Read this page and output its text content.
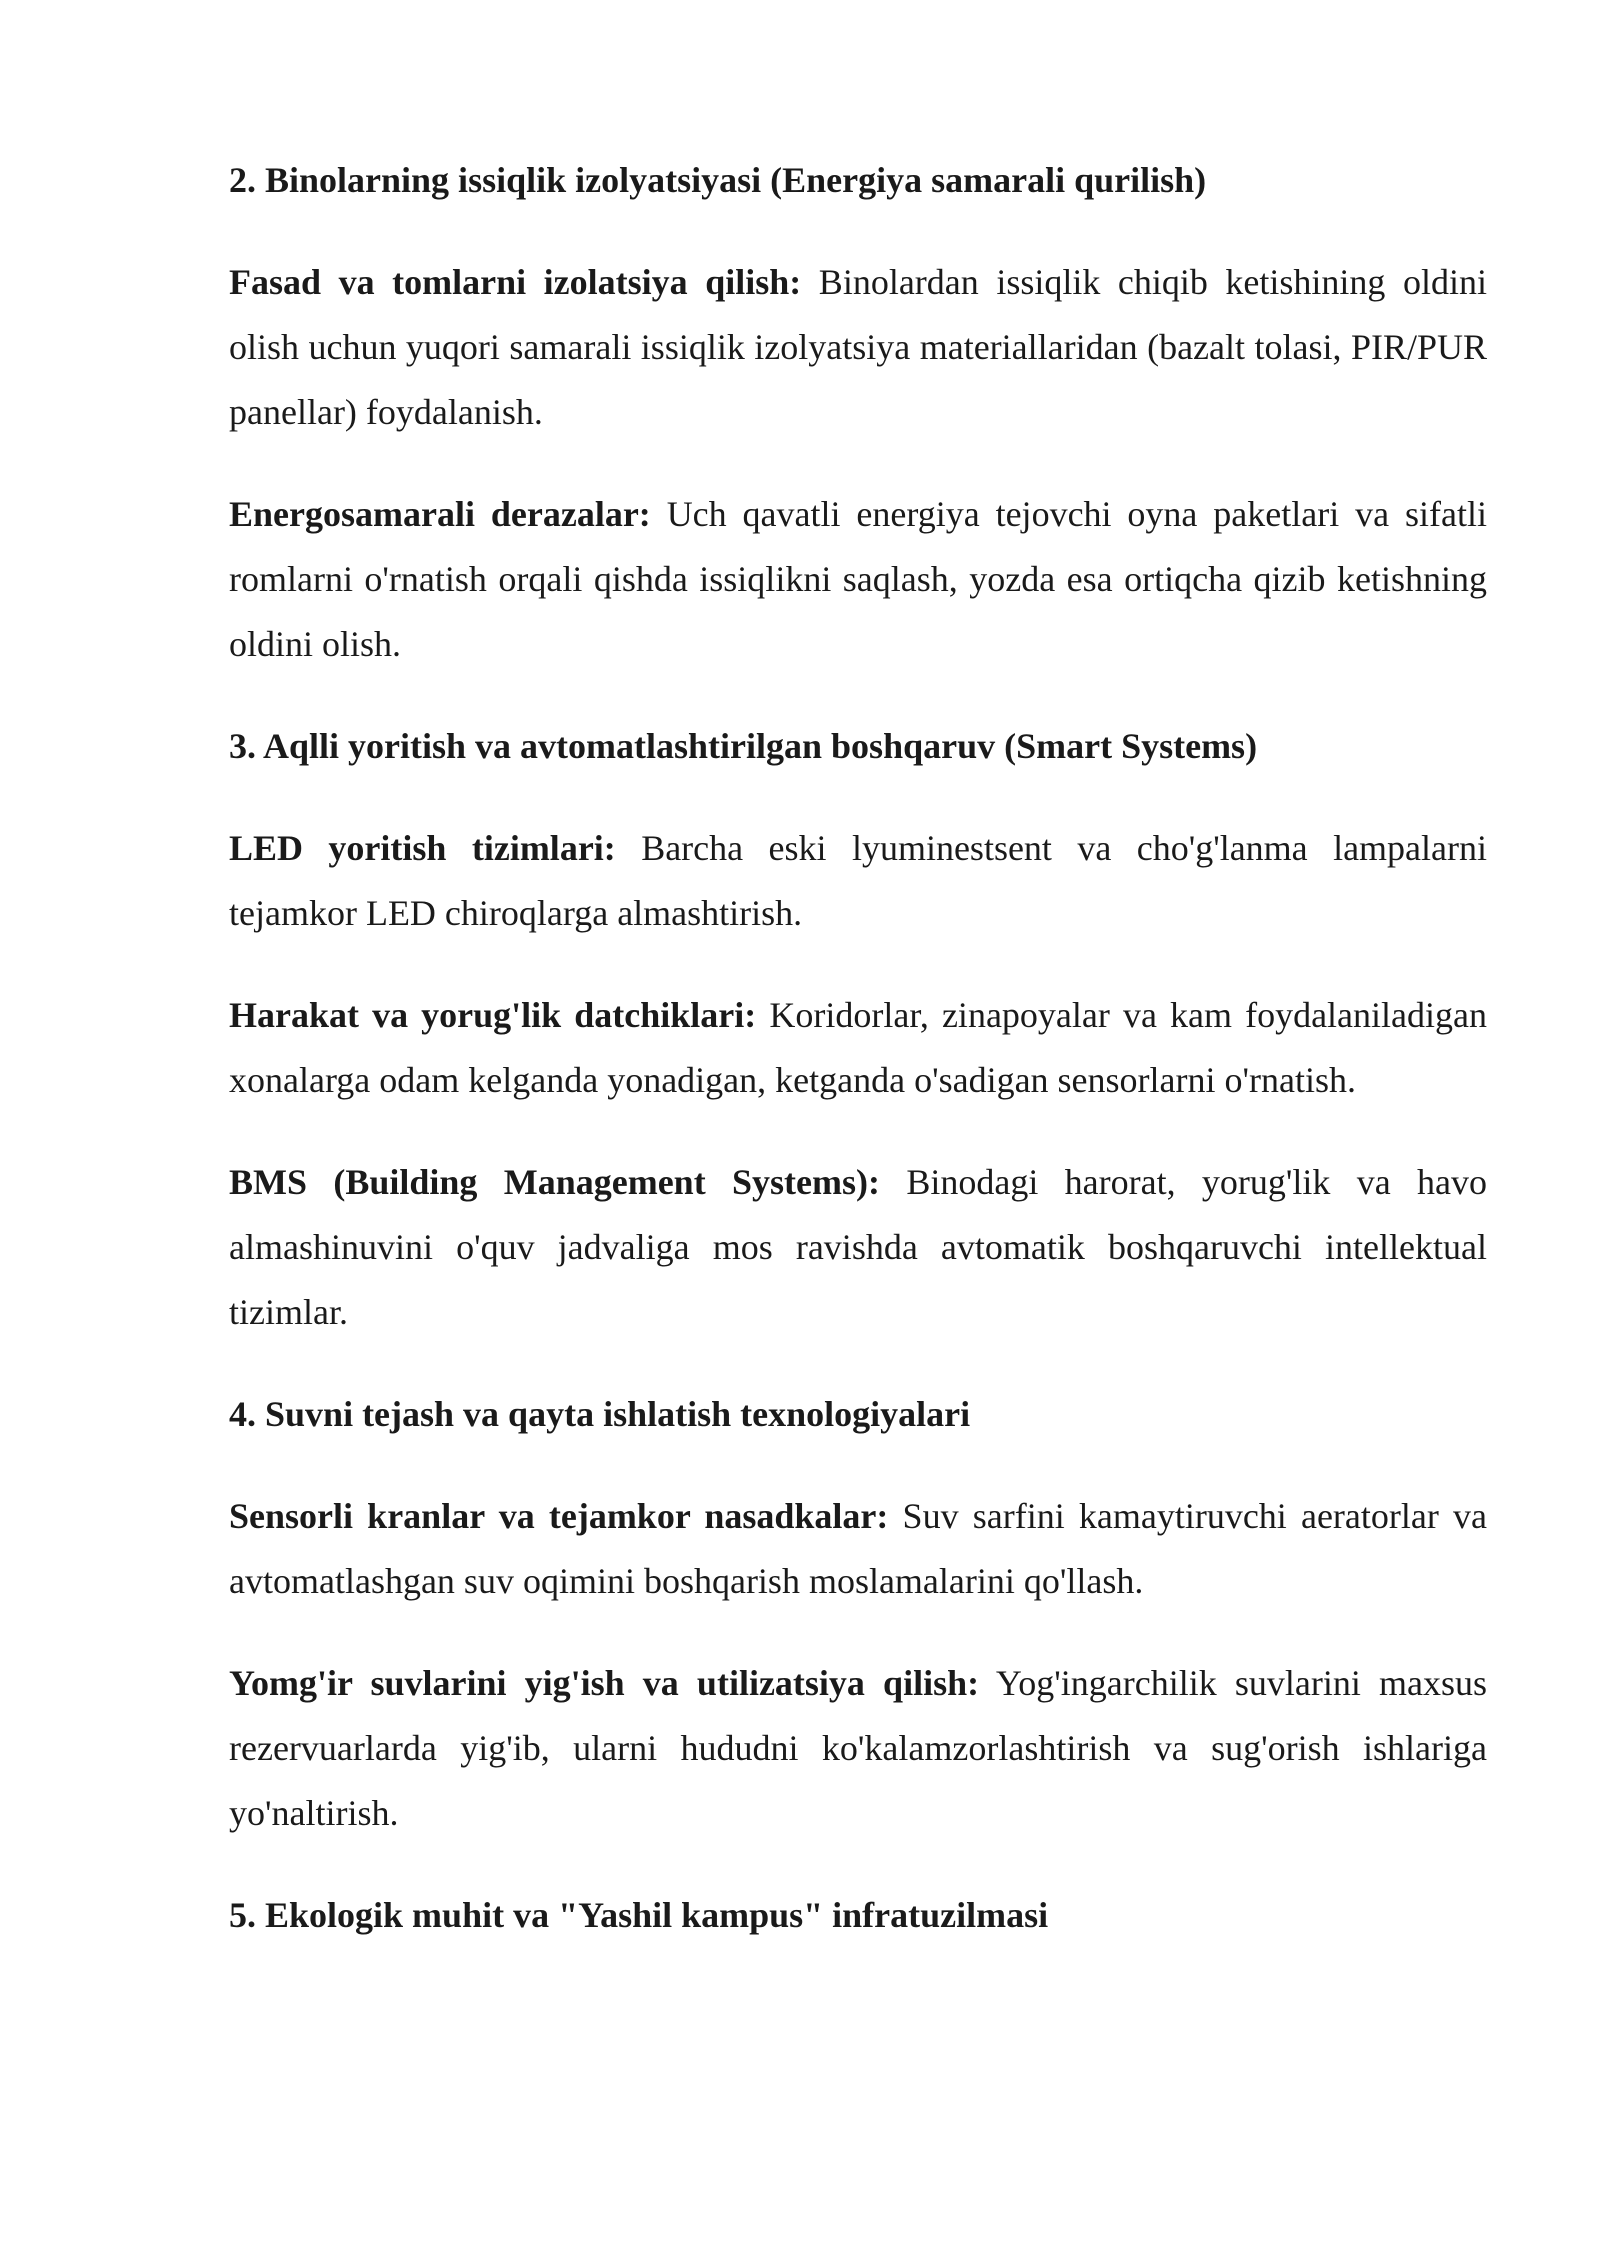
2. Binolarning issiqlik izolyatsiyasi (Energiya samarali qurilish)

Fasad va tomlarni izolatsiya qilish: Binolardan issiqlik chiqib ketishining oldini olish uchun yuqori samarali issiqlik izolyatsiya materiallaridan (bazalt tolasi, PIR/PUR panellar) foydalanish.

Energosamarali derazalar: Uch qavatli energiya tejovchi oyna paketlari va sifatli romlarni o'rnatish orqali qishda issiqlikni saqlash, yozda esa ortiqcha qizib ketishning oldini olish.

3. Aqlli yoritish va avtomatlashtirilgan boshqaruv (Smart Systems)

LED yoritish tizimlari: Barcha eski lyuminestsent va cho'g'lanma lampalarni tejamkor LED chiroqlarga almashtirish.

Harakat va yorug'lik datchiklari: Koridorlar, zinapoyalar va kam foydalaniladigan xonalarga odam kelganda yonadigan, ketganda o'sadigan sensorlarni o'rnatish.

BMS (Building Management Systems): Binodagi harorat, yorug'lik va havo almashinuvini o'quv jadvaliga mos ravishda avtomatik boshqaruvchi intellektual tizimlar.

4. Suvni tejash va qayta ishlatish texnologiyalari

Sensorli kranlar va tejamkor nasadkalar: Suv sarfini kamaytiruvchi aeratorlar va avtomatlashgan suv oqimini boshqarish moslamalarini qo'llash.

Yomg'ir suvlarini yig'ish va utilizatsiya qilish: Yog'ingarchilik suvlarini maxsus rezervuarlarda yig'ib, ularni hududni ko'kalamzorlashtirish va sug'orish ishlariga yo'naltirish.

5. Ekologik muhit va "Yashil kampus" infratuzilmasi
